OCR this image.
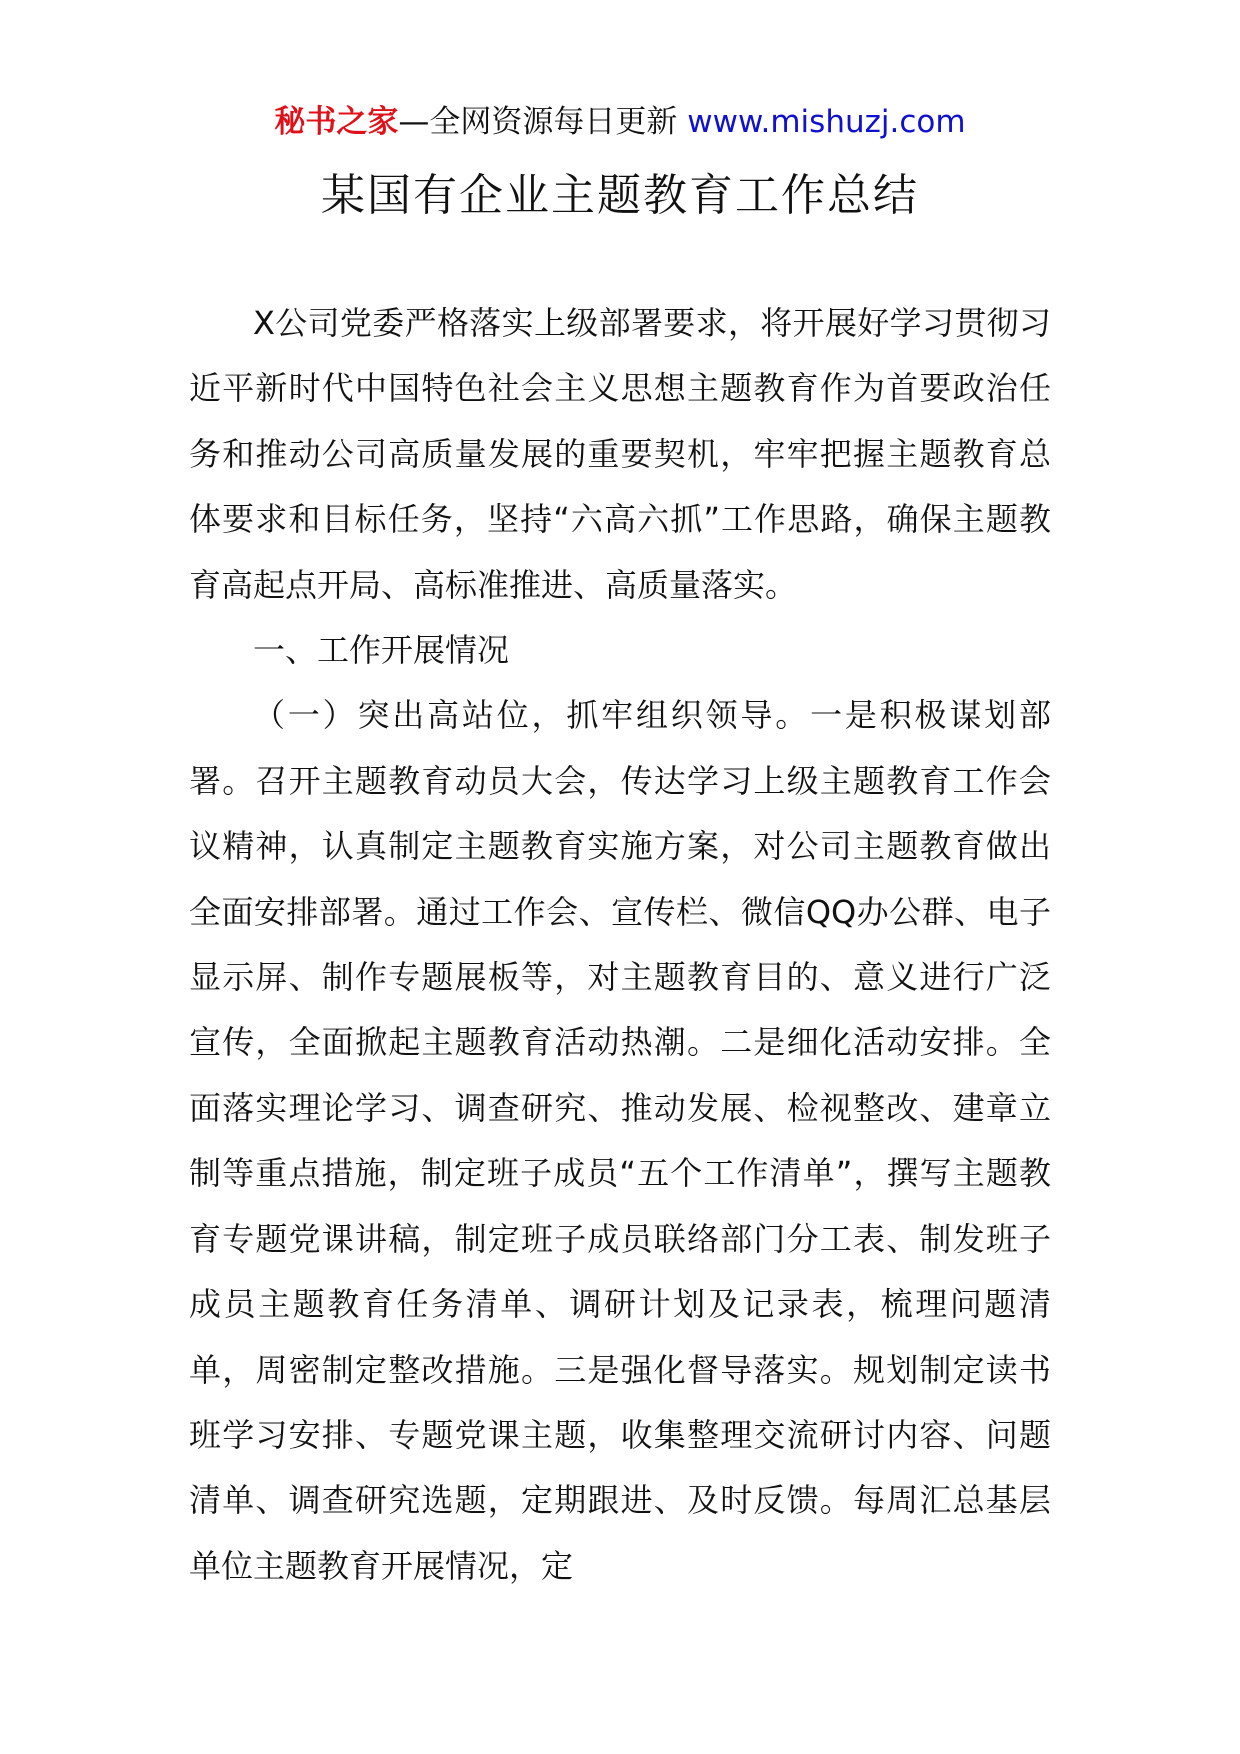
秘书之家—全网资源每日更新 www.mishuzj.com
某国有企业主题教育工作总结

X公司党委严格落实上级部署要求，将开展好学习贯彻习近平新时代中国特色社会主义思想主题教育作为首要政治任务和推动公司高质量发展的重要契机，牢牢把握主题教育总体要求和目标任务，坚持“六高六抓”工作思路，确保主题教育高起点开局、高标准推进、高质量落实。

一、工作开展情况

（一）突出高站位，抓牢组织领导。一是积极谋划部署。召开主题教育动员大会，传达学习上级主题教育工作会议精神，认真制定主题教育实施方案，对公司主题教育做出全面安排部署。通过工作会、宣传栏、微信QQ办公群、电子显示屏、制作专题展板等，对主题教育目的、意义进行广泛宣传，全面掀起主题教育活动热潮。二是细化活动安排。全面落实理论学习、调查研究、推动发展、检视整改、建章立制等重点措施，制定班子成员“五个工作清单”，撰写主题教育专题党课讲稿，制定班子成员联络部门分工表、制发班子成员主题教育任务清单、调研计划及记录表，梳理问题清单，周密制定整改措施。三是强化督导落实。规划制定读书班学习安排、专题党课主题，收集整理交流研讨内容、问题清单、调查研究选题，定期跟进、及时反馈。每周汇总基层单位主题教育开展情况，定
